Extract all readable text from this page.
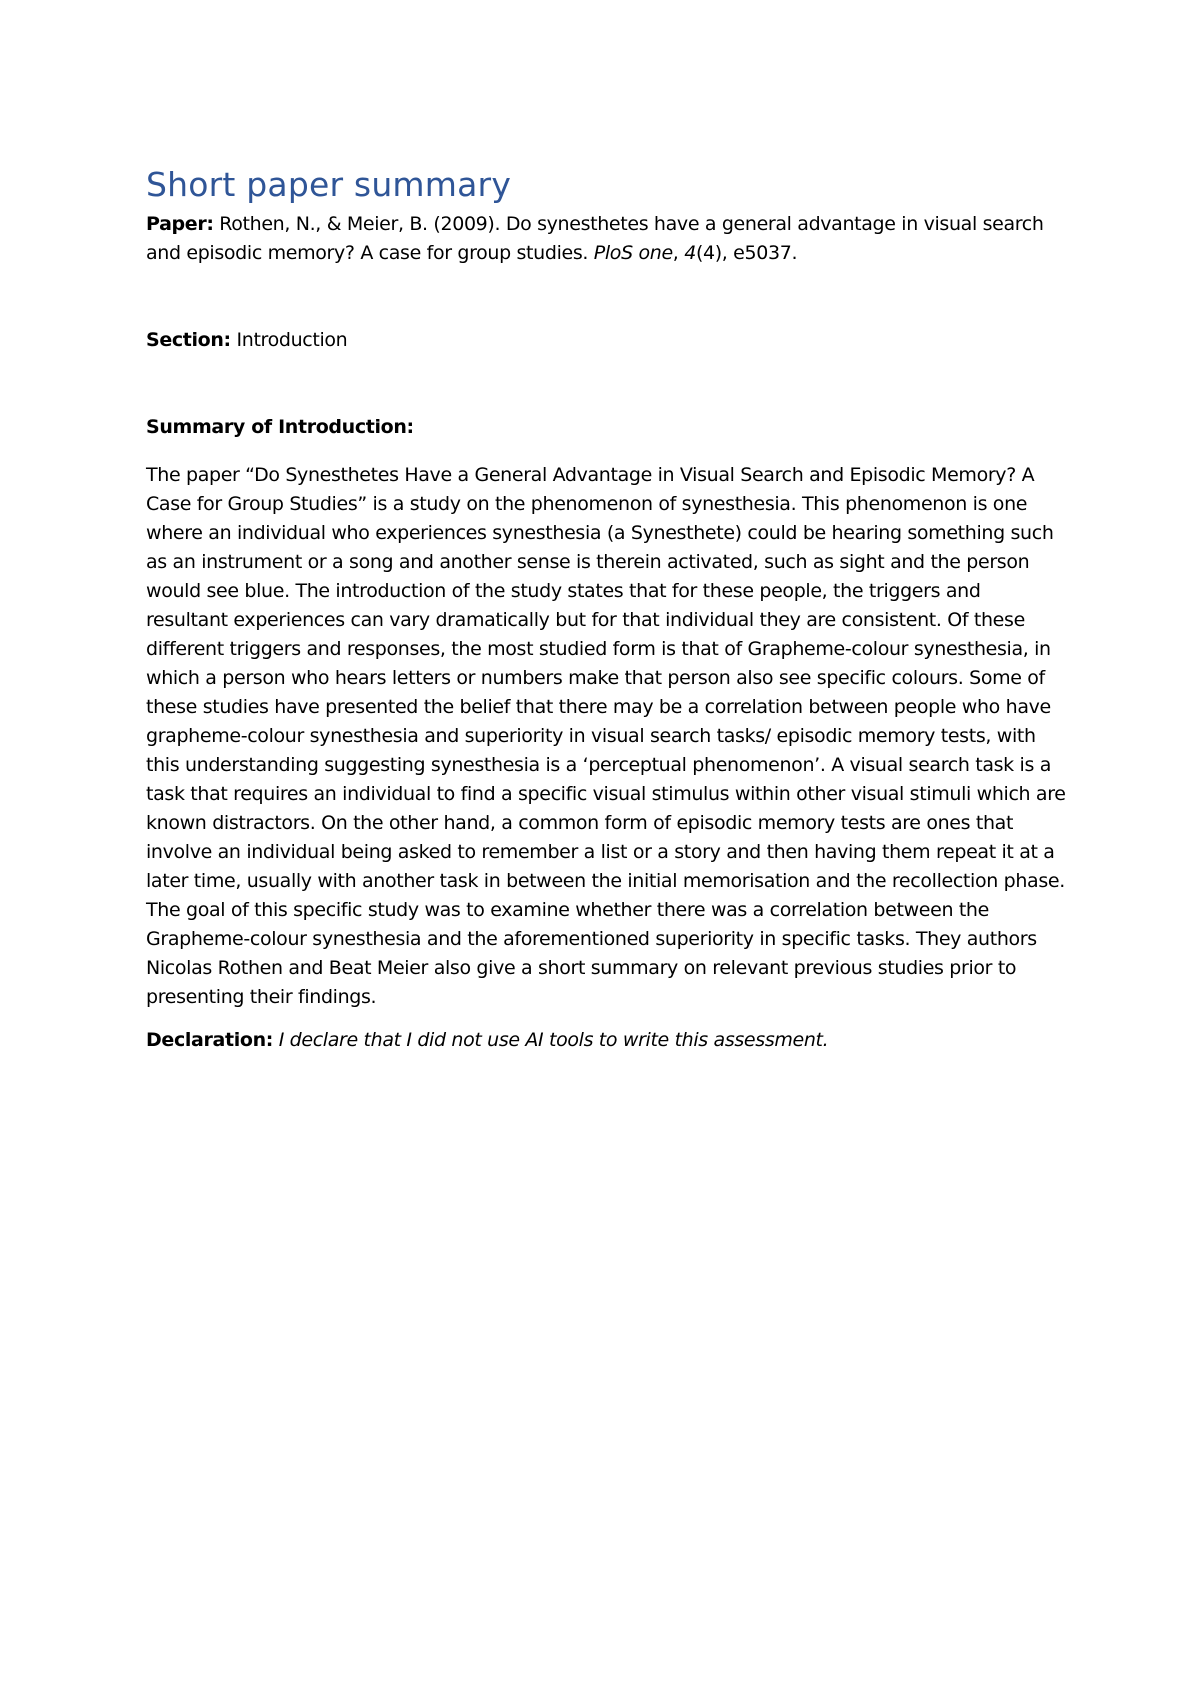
Short paper summary

Paper: Rothen, N., & Meier, B. (2009). Do synesthetes have a general advantage in visual search and episodic memory? A case for group studies. PloS one, 4(4), e5037.

Section: Introduction

Summary of Introduction:

The paper “Do Synesthetes Have a General Advantage in Visual Search and Episodic Memory? A Case for Group Studies” is a study on the phenomenon of synesthesia. This phenomenon is one where an individual who experiences synesthesia (a Synesthete) could be hearing something such as an instrument or a song and another sense is therein activated, such as sight and the person would see blue. The introduction of the study states that for these people, the triggers and resultant experiences can vary dramatically but for that individual they are consistent. Of these different triggers and responses, the most studied form is that of Grapheme-colour synesthesia, in which a person who hears letters or numbers make that person also see specific colours. Some of these studies have presented the belief that there may be a correlation between people who have grapheme-colour synesthesia and superiority in visual search tasks/ episodic memory tests, with this understanding suggesting synesthesia is a ‘perceptual phenomenon’. A visual search task is a task that requires an individual to find a specific visual stimulus within other visual stimuli which are known distractors. On the other hand, a common form of episodic memory tests are ones that involve an individual being asked to remember a list or a story and then having them repeat it at a later time, usually with another task in between the initial memorisation and the recollection phase. The goal of this specific study was to examine whether there was a correlation between the Grapheme-colour synesthesia and the aforementioned superiority in specific tasks. They authors Nicolas Rothen and Beat Meier also give a short summary on relevant previous studies prior to presenting their findings.

Declaration: I declare that I did not use AI tools to write this assessment.
